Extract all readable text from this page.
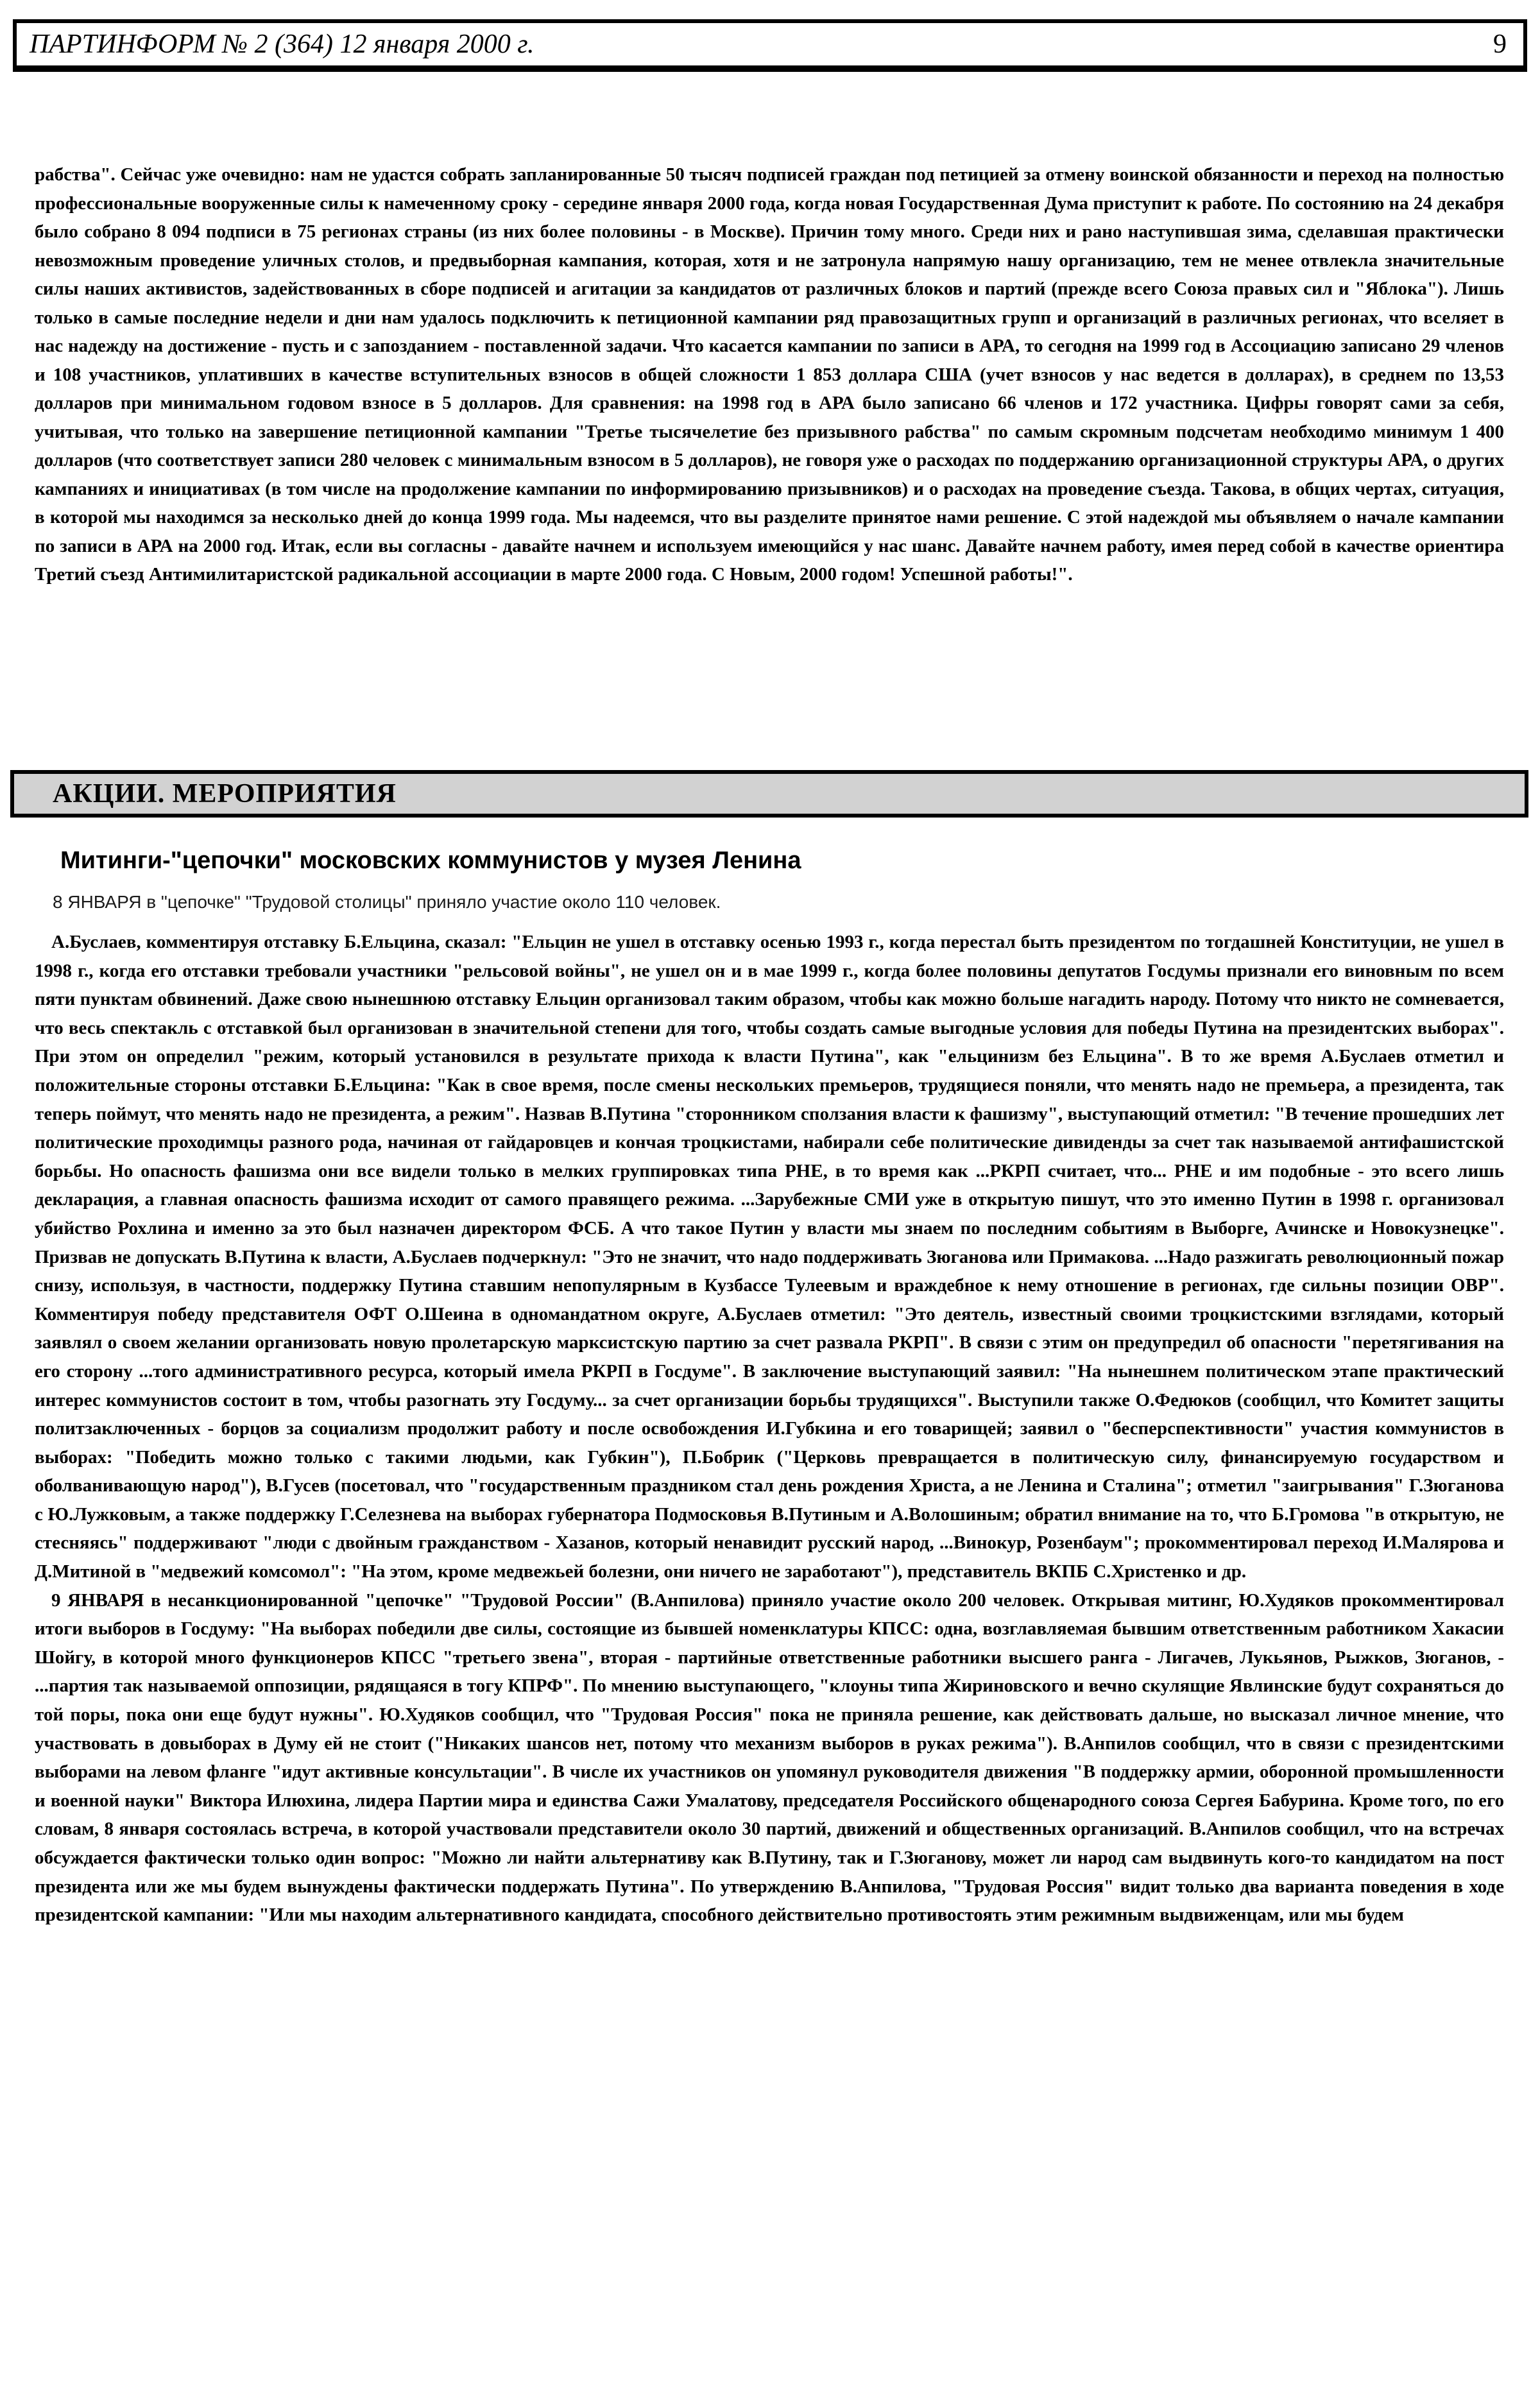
ПАРТИНФОРМ № 2 (364) 12 января 2000 г.	9
рабства". Сейчас уже очевидно: нам не удастся собрать запланированные 50 тысяч подписей граждан под петицией за отмену воинской обязанности и переход на полностью профессиональные вооруженные силы к намеченному сроку - середине января 2000 года, когда новая Государственная Дума приступит к работе. По состоянию на 24 декабря было собрано 8 094 подписи в 75 регионах страны (из них более половины - в Москве). Причин тому много. Среди них и рано наступившая зима, сделавшая практически невозможным проведение уличных столов, и предвыборная кампания, которая, хотя и не затронула напрямую нашу организацию, тем не менее отвлекла значительные силы наших активистов, задействованных в сборе подписей и агитации за кандидатов от различных блоков и партий (прежде всего Союза правых сил и "Яблока"). Лишь только в самые последние недели и дни нам удалось подключить к петиционной кампании ряд правозащитных групп и организаций в различных регионах, что вселяет в нас надежду на достижение - пусть и с запозданием - поставленной задачи. Что касается кампании по записи в АРА, то сегодня на 1999 год в Ассоциацию записано 29 членов и 108 участников, уплативших в качестве вступительных взносов в общей сложности 1 853 доллара США (учет взносов у нас ведется в долларах), в среднем по 13,53 долларов при минимальном годовом взносе в 5 долларов. Для сравнения: на 1998 год в АРА было записано 66 членов и 172 участника. Цифры говорят сами за себя, учитывая, что только на завершение петиционной кампании "Третье тысячелетие без призывного рабства" по самым скромным подсчетам необходимо минимум 1 400 долларов (что соответствует записи 280 человек с минимальным взносом в 5 долларов), не говоря уже о расходах по поддержанию организационной структуры АРА, о других кампаниях и инициативах (в том числе на продолжение кампании по информированию призывников) и о расходах на проведение съезда. Такова, в общих чертах, ситуация, в которой мы находимся за несколько дней до конца 1999 года. Мы надеемся, что вы разделите принятое нами решение. С этой надеждой мы объявляем о начале кампании по записи в АРА на 2000 год. Итак, если вы согласны - давайте начнем и используем имеющийся у нас шанс. Давайте начнем работу, имея перед собой в качестве ориентира Третий съезд Антимилитаристской радикальной ассоциации в марте 2000 года. С Новым, 2000 годом! Успешной работы!".
АКЦИИ. МЕРОПРИЯТИЯ
Митинги-"цепочки" московских коммунистов у музея Ленина
8 ЯНВАРЯ в "цепочке" "Трудовой столицы" приняло участие около 110 человек.

А.Буслаев, комментируя отставку Б.Ельцина, сказал: "Ельцин не ушел в отставку осенью 1993 г., когда перестал быть президентом по тогдашней Конституции, не ушел в 1998 г., когда его отставки требовали участники "рельсовой войны", не ушел он и в мае 1999 г., когда более половины депутатов Госдумы признали его виновным по всем пяти пунктам обвинений. Даже свою нынешнюю отставку Ельцин организовал таким образом, чтобы как можно больше нагадить народу. Потому что никто не сомневается, что весь спектакль с отставкой был организован в значительной степени для того, чтобы создать самые выгодные условия для победы Путина на президентских выборах". При этом он определил "режим, который установился в результате прихода к власти Путина", как "ельцинизм без Ельцина". В то же время А.Буслаев отметил и положительные стороны отставки Б.Ельцина: "Как в свое время, после смены нескольких премьеров, трудящиеся поняли, что менять надо не премьера, а президента, так теперь поймут, что менять надо не президента, а режим". Назвав В.Путина "сторонником сползания власти к фашизму", выступающий отметил: "В течение прошедших лет политические проходимцы разного рода, начиная от гайдаровцев и кончая троцкистами, набирали себе политические дивиденды за счет так называемой антифашистской борьбы. Но опасность фашизма они все видели только в мелких группировках типа РНЕ, в то время как ...РКРП считает, что... РНЕ и им подобные - это всего лишь декларация, а главная опасность фашизма исходит от самого правящего режима. ...Зарубежные СМИ уже в открытую пишут, что это именно Путин в 1998 г. организовал убийство Рохлина и именно за это был назначен директором ФСБ. А что такое Путин у власти мы знаем по последним событиям в Выборге, Ачинске и Новокузнецке". Призвав не допускать В.Путина к власти, А.Буслаев подчеркнул: "Это не значит, что надо поддерживать Зюганова или Примакова. ...Надо разжигать революционный пожар снизу, используя, в частности, поддержку Путина ставшим непопулярным в Кузбассе Тулеевым и враждебное к нему отношение в регионах, где сильны позиции ОВР". Комментируя победу представителя ОФТ О.Шеина в одномандатном округе, А.Буслаев отметил: "Это деятель, известный своими троцкистскими взглядами, который заявлял о своем желании организовать новую пролетарскую марксистскую партию за счет развала РКРП". В связи с этим он предупредил об опасности "перетягивания на его сторону ...того административного ресурса, который имела РКРП в Госдуме". В заключение выступающий заявил: "На нынешнем политическом этапе практический интерес коммунистов состоит в том, чтобы разогнать эту Госдуму... за счет организации борьбы трудящихся". Выступили также О.Федюков (сообщил, что Комитет защиты политзаключенных - борцов за социализм продолжит работу и после освобождения И.Губкина и его товарищей; заявил о "бесперспективности" участия коммунистов в выборах: "Победить можно только с такими людьми, как Губкин"), П.Бобрик ("Церковь превращается в политическую силу, финансируемую государством и оболванивающую народ"), В.Гусев (посетовал, что "государственным праздником стал день рождения Христа, а не Ленина и Сталина"; отметил "заигрывания" Г.Зюганова с Ю.Лужковым, а также поддержку Г.Селезнева на выборах губернатора Подмосковья В.Путиным и А.Волошиным; обратил внимание на то, что Б.Громова "в открытую, не стесняясь" поддерживают "люди с двойным гражданством - Хазанов, который ненавидит русский народ, ...Винокур, Розенбаум"; прокомментировал переход И.Малярова и Д.Митиной в "медвежий комсомол": "На этом, кроме медвежьей болезни, они ничего не заработают"), представитель ВКПБ С.Христенко и др.

9 ЯНВАРЯ в несанкционированной "цепочке" "Трудовой России" (В.Анпилова) приняло участие около 200 человек. Открывая митинг, Ю.Худяков прокомментировал итоги выборов в Госдуму: "На выборах победили две силы, состоящие из бывшей номенклатуры КПСС: одна, возглавляемая бывшим ответственным работником Хакасии Шойгу, в которой много функционеров КПСС "третьего звена", вторая - партийные ответственные работники высшего ранга - Лигачев, Лукьянов, Рыжков, Зюганов, - ...партия так называемой оппозиции, рядящаяся в тогу КПРФ". По мнению выступающего, "клоуны типа Жириновского и вечно скулящие Явлинские будут сохраняться до той поры, пока они еще будут нужны". Ю.Худяков сообщил, что "Трудовая Россия" пока не приняла решение, как действовать дальше, но высказал личное мнение, что участвовать в довыборах в Думу ей не стоит ("Никаких шансов нет, потому что механизм выборов в руках режима"). В.Анпилов сообщил, что в связи с президентскими выборами на левом фланге "идут активные консультации". В числе их участников он упомянул руководителя движения "В поддержку армии, оборонной промышленности и военной науки" Виктора Илюхина, лидера Партии мира и единства Сажи Умалатову, председателя Российского общенародного союза Сергея Бабурина. Кроме того, по его словам, 8 января состоялась встреча, в которой участвовали представители около 30 партий, движений и общественных организаций. В.Анпилов сообщил, что на встречах обсуждается фактически только один вопрос: "Можно ли найти альтернативу как В.Путину, так и Г.Зюганову, может ли народ сам выдвинуть кого-то кандидатом на пост президента или же мы будем вынуждены фактически поддержать Путина". По утверждению В.Анпилова, "Трудовая Россия" видит только два варианта поведения в ходе президентской кампании: "Или мы находим альтернативного кандидата, способного действительно противостоять этим режимным выдвиженцам, или мы будем
